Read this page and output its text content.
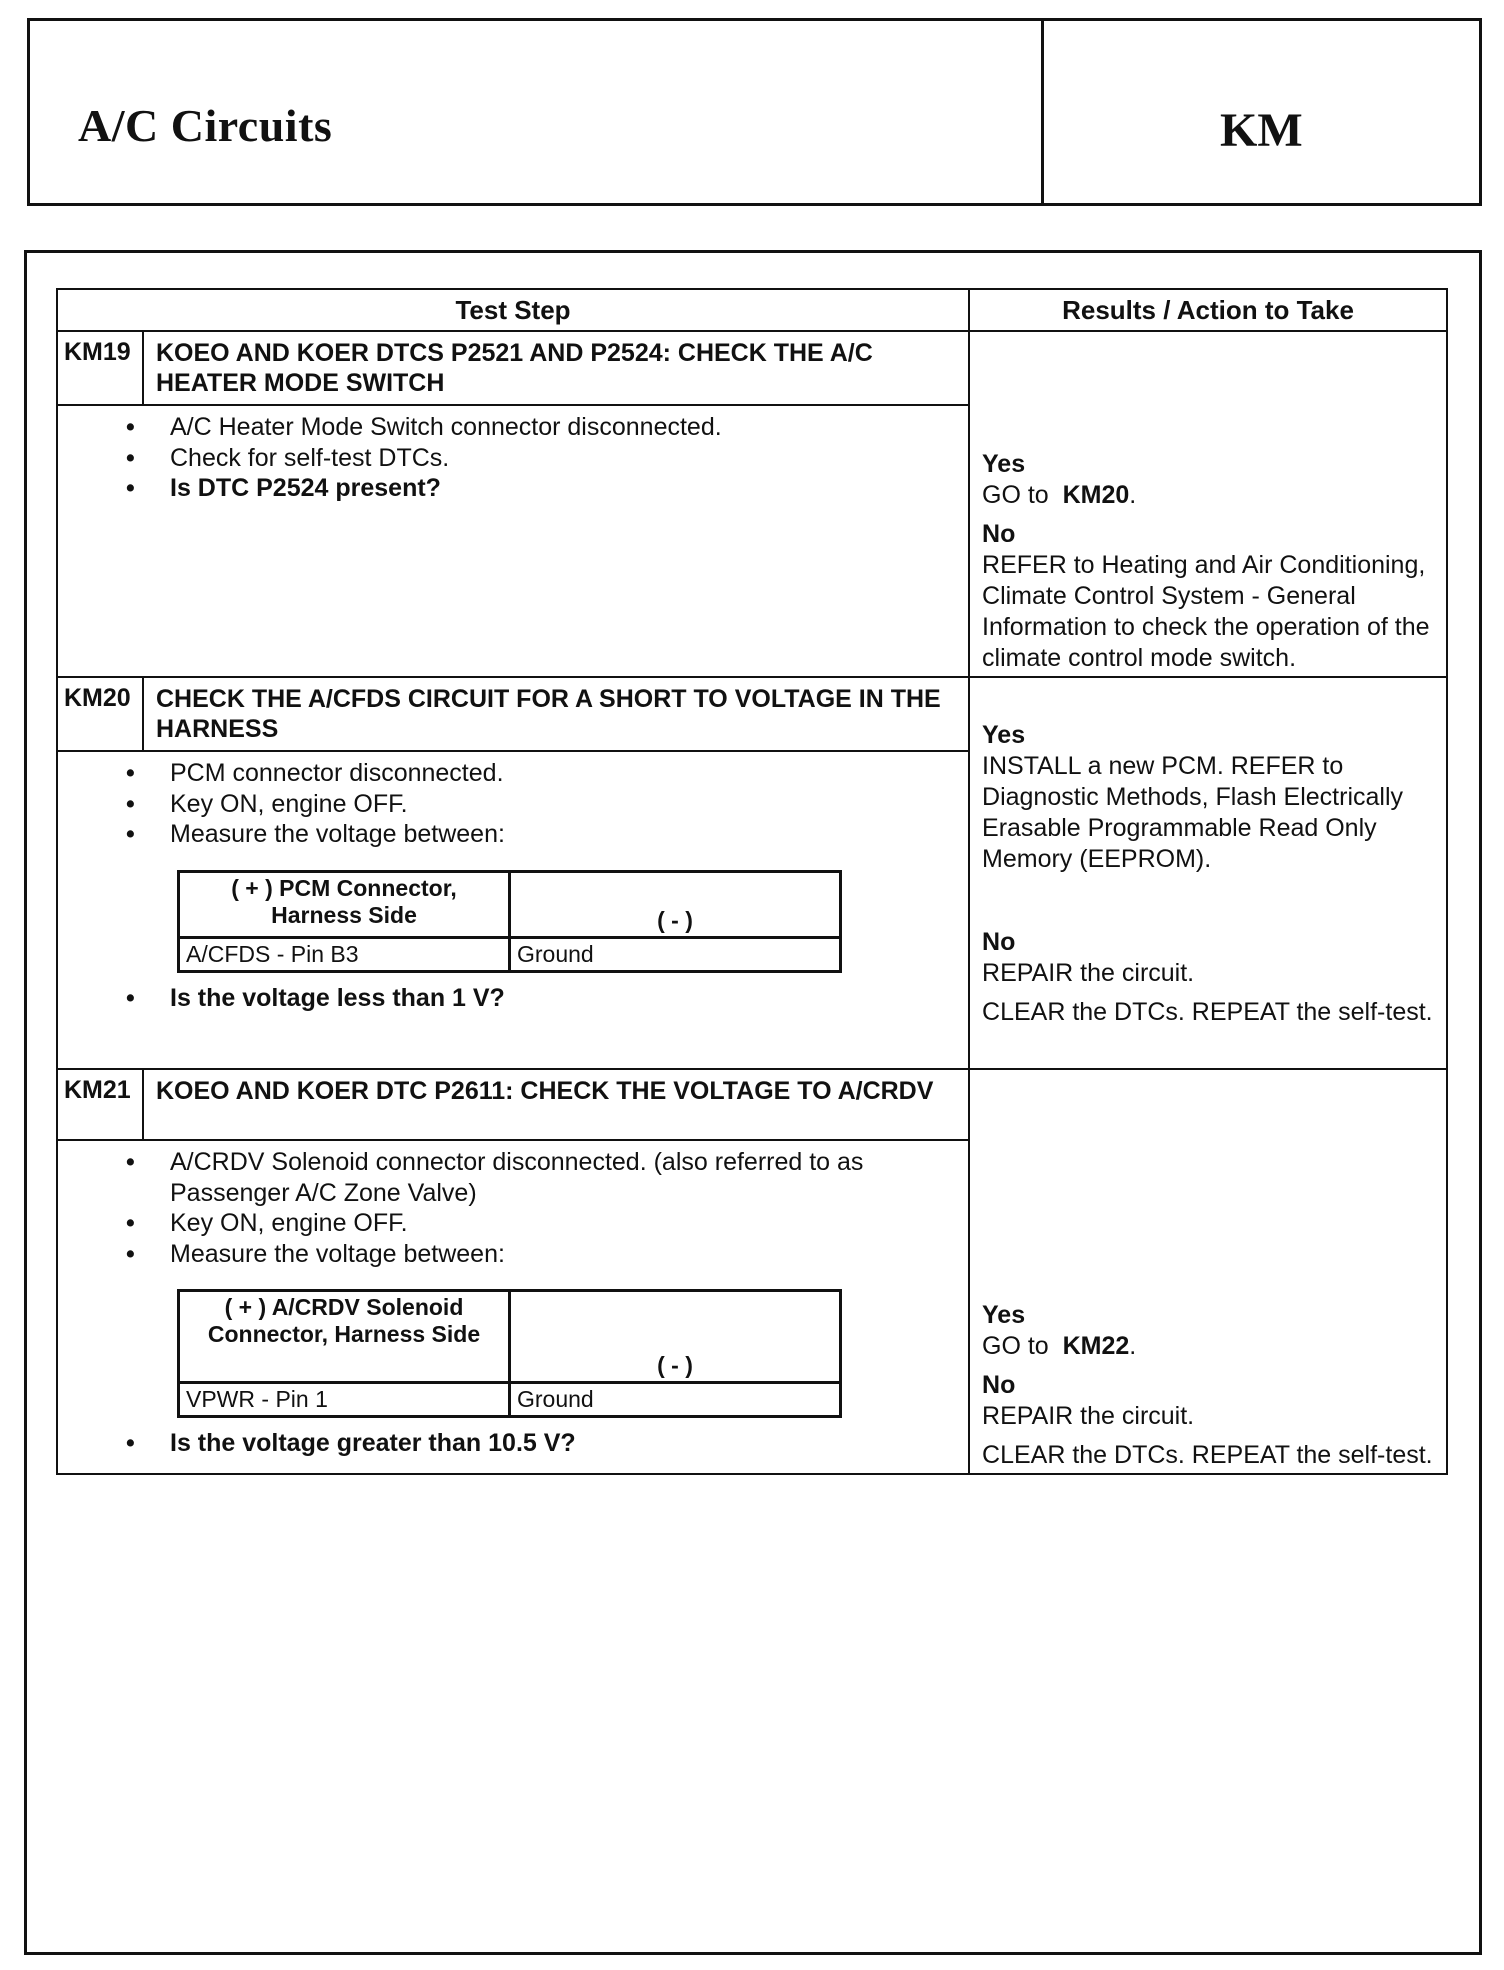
A/C Circuits	KM
Test Step	Results / Action to Take
KM19	KOEO AND KOER DTCS P2521 AND P2524: CHECK THE A/C HEATER MODE SWITCH	
Yes
GO to KM20.
No
REFER to Heating and Air Conditioning, Climate Control System - General Information to check the operation of the climate control mode switch.

• A/C Heater Mode Switch connector disconnected.
• Check for self-test DTCs.
• Is DTC P2524 present?

KM20	CHECK THE A/CFDS CIRCUIT FOR A SHORT TO VOLTAGE IN THE HARNESS	Yes
INSTALL a new PCM. REFER to Diagnostic Methods, Flash Electrically Erasable Programmable Read Only Memory (EEPROM).
No
REPAIR the circuit.
CLEAR the DTCs. REPEAT the self-test.

• PCM connector disconnected.
• Key ON, engine OFF.
• Measure the voltage between:
( + ) PCM Connector, Harness Side	( - )
A/CFDS - Pin B3	Ground
• Is the voltage less than 1 V?

KM21	KOEO AND KOER DTC P2611: CHECK THE VOLTAGE TO A/CRDV	
Yes
GO to KM22.
No
REPAIR the circuit.
CLEAR the DTCs. REPEAT the self-test.

• A/CRDV Solenoid connector disconnected. (also referred to as Passenger A/C Zone Valve)
• Key ON, engine OFF.
• Measure the voltage between:
( + ) A/CRDV Solenoid Connector, Harness Side	( - )
VPWR - Pin 1	Ground
• Is the voltage greater than 10.5 V?
